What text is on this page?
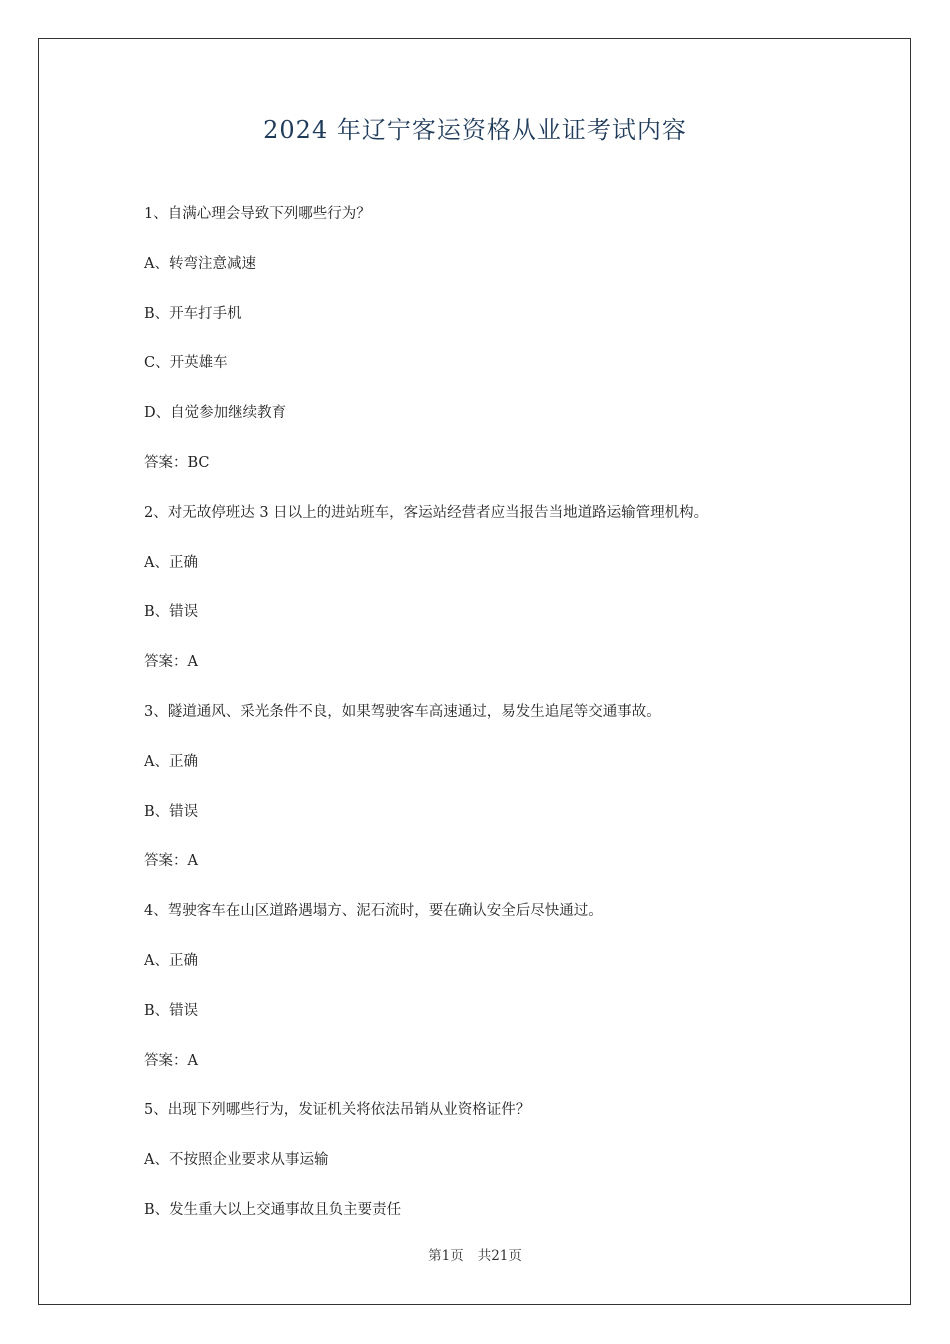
2024 年辽宁客运资格从业证考试内容
1、自满心理会导致下列哪些行为？
A、转弯注意减速
B、开车打手机
C、开英雄车
D、自觉参加继续教育
答案：BC
2、对无故停班达 3 日以上的进站班车，客运站经营者应当报告当地道路运输管理机构。
A、正确
B、错误
答案：A
3、隧道通风、采光条件不良，如果驾驶客车高速通过，易发生追尾等交通事故。
A、正确
B、错误
答案：A
4、驾驶客车在山区道路遇塌方、泥石流时，要在确认安全后尽快通过。
A、正确
B、错误
答案：A
5、出现下列哪些行为，发证机关将依法吊销从业资格证件？
A、不按照企业要求从事运输
B、发生重大以上交通事故且负主要责任
第1页 共21页
